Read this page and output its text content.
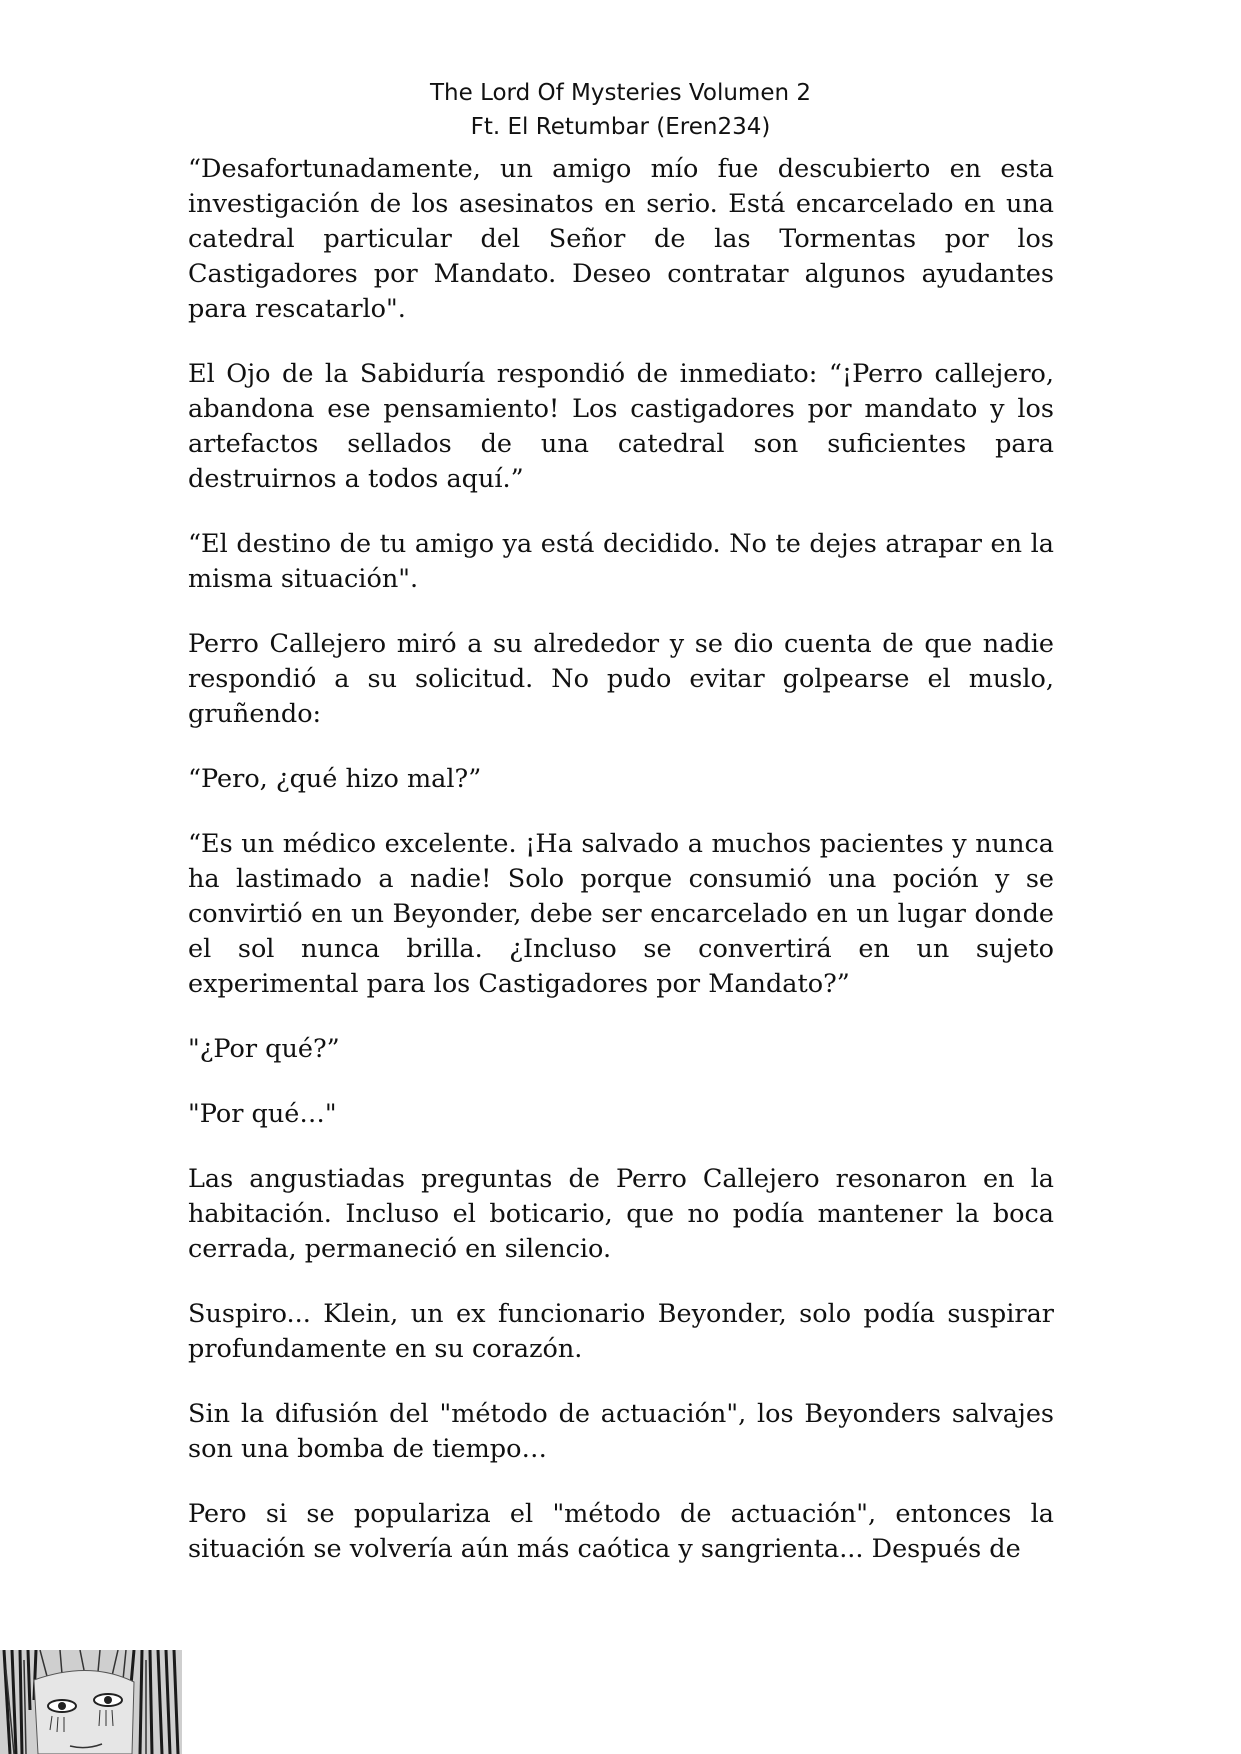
The Lord Of Mysteries Volumen 2
Ft. El Retumbar (Eren234)

“Desafortunadamente, un amigo mío fue descubierto en esta investigación de los asesinatos en serio. Está encarcelado en una catedral particular del Señor de las Tormentas por los Castigadores por Mandato. Deseo contratar algunos ayudantes para rescatarlo".

El Ojo de la Sabiduría respondió de inmediato: “¡Perro callejero, abandona ese pensamiento! Los castigadores por mandato y los artefactos sellados de una catedral son suficientes para destruirnos a todos aquí.”

“El destino de tu amigo ya está decidido. No te dejes atrapar en la misma situación".

Perro Callejero miró a su alrededor y se dio cuenta de que nadie respondió a su solicitud. No pudo evitar golpearse el muslo, gruñendo:

“Pero, ¿qué hizo mal?”

“Es un médico excelente. ¡Ha salvado a muchos pacientes y nunca ha lastimado a nadie! Solo porque consumió una poción y se convirtió en un Beyonder, debe ser encarcelado en un lugar donde el sol nunca brilla. ¿Incluso se convertirá en un sujeto experimental para los Castigadores por Mandato?”

"¿Por qué?”

"Por qué…"

Las angustiadas preguntas de Perro Callejero resonaron en la habitación. Incluso el boticario, que no podía mantener la boca cerrada, permaneció en silencio.

Suspiro... Klein, un ex funcionario Beyonder, solo podía suspirar profundamente en su corazón.

Sin la difusión del "método de actuación", los Beyonders salvajes son una bomba de tiempo…

Pero si se populariza el "método de actuación", entonces la situación se volvería aún más caótica y sangrienta... Después de
